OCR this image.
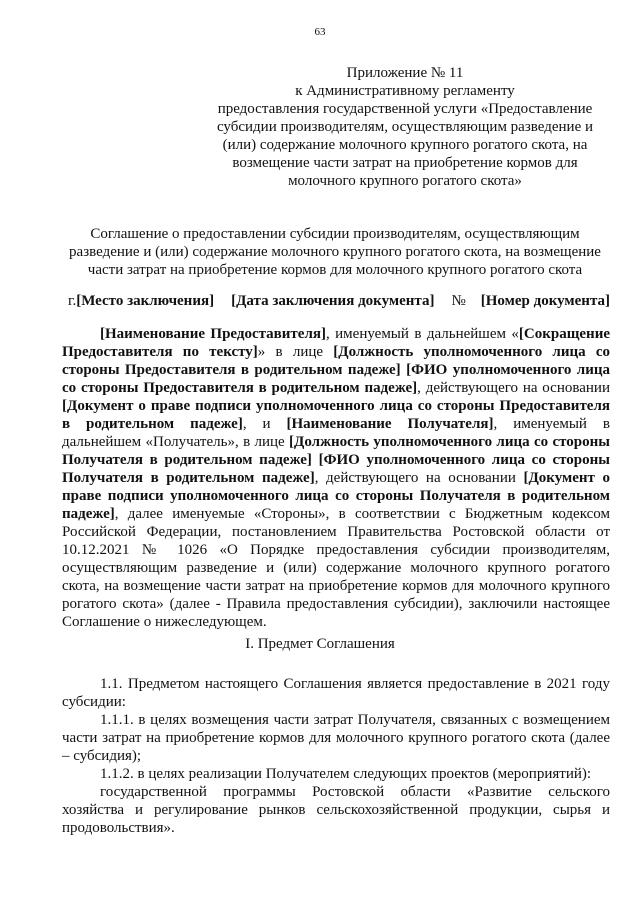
63
Приложение № 11
к Административному регламенту
предоставления государственной услуги «Предоставление
субсидии производителям, осуществляющим разведение и
(или) содержание молочного крупного рогатого скота, на
возмещение части затрат на приобретение кормов для
молочного крупного рогатого скота»
Соглашение о предоставлении субсидии производителям, осуществляющим
разведение и (или) содержание молочного крупного рогатого скота, на возмещение
части затрат на приобретение кормов для молочного крупного рогатого скота
г.[Место заключения] [Дата заключения документа] № [Номер документа]
[Наименование Предоставителя], именуемый в дальнейшем «[Сокращение
Предоставителя по тексту]» в лице [Должность уполномоченного лица со
стороны Предоставителя в родительном падеже] [ФИО уполномоченного лица
со стороны Предоставителя в родительном падеже], действующего на основании
[Документ о праве подписи уполномоченного лица со стороны Предоставителя
в родительном падеже], и [Наименование Получателя], именуемый в
дальнейшем «Получатель», в лице [Должность уполномоченного лица со стороны
Получателя в родительном падеже] [ФИО уполномоченного лица со стороны
Получателя в родительном падеже], действующего на основании [Документ о
праве подписи уполномоченного лица со стороны Получателя в родительном
падеже], далее именуемые «Стороны», в соответствии с Бюджетным кодексом
Российской Федерации, постановлением Правительства Ростовской области от
10.12.2021 № 1026 «О Порядке предоставления субсидии производителям,
осуществляющим разведение и (или) содержание молочного крупного рогатого
скота, на возмещение части затрат на приобретение кормов для молочного крупного
рогатого скота» (далее - Правила предоставления субсидии), заключили настоящее
Соглашение о нижеследующем.
I. Предмет Соглашения
1.1. Предметом настоящего Соглашения является предоставление в 2021 году
субсидии:
1.1.1. в целях возмещения части затрат Получателя, связанных с возмещением
части затрат на приобретение кормов для молочного крупного рогатого скота (далее
– субсидия);
1.1.2. в целях реализации Получателем следующих проектов (мероприятий):
государственной программы Ростовской области «Развитие сельского
хозяйства и регулирование рынков сельскохозяйственной продукции, сырья и
продовольствия».
